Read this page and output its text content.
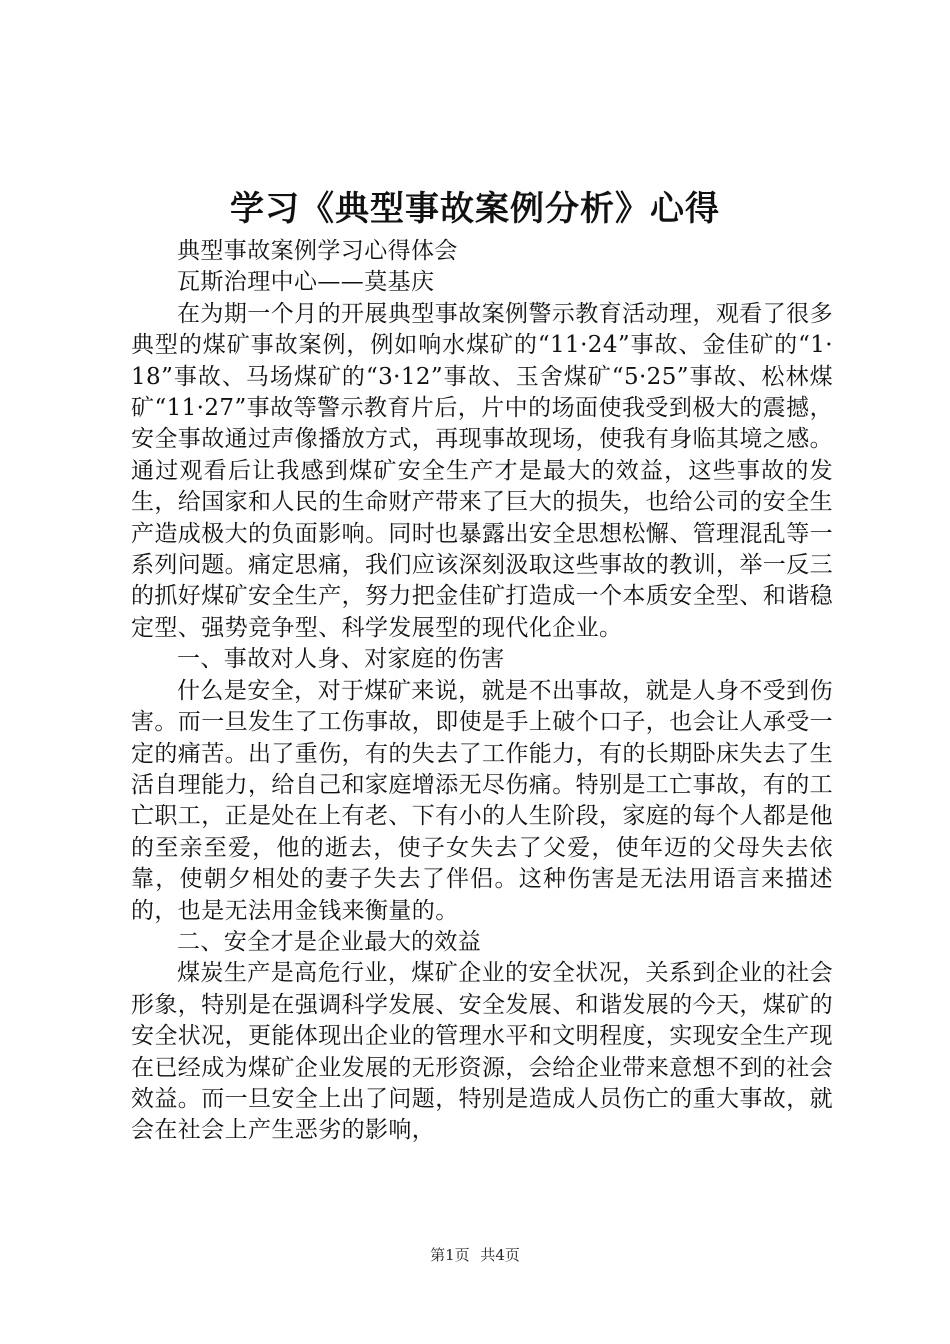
学习《典型事故案例分析》心得

典型事故案例学习心得体会

瓦斯治理中心——莫基庆

在为期一个月的开展典型事故案例警示教育活动理，观看了很多典型的煤矿事故案例，例如响水煤矿的“11·24”事故、金佳矿的“1·18”事故、马场煤矿的“3·12”事故、玉舍煤矿“5·25”事故、松林煤矿“11·27”事故等警示教育片后，片中的场面使我受到极大的震撼，安全事故通过声像播放方式，再现事故现场，使我有身临其境之感。通过观看后让我感到煤矿安全生产才是最大的效益，这些事故的发生，给国家和人民的生命财产带来了巨大的损失，也给公司的安全生产造成极大的负面影响。同时也暴露出安全思想松懈、管理混乱等一系列问题。痛定思痛，我们应该深刻汲取这些事故的教训，举一反三的抓好煤矿安全生产，努力把金佳矿打造成一个本质安全型、和谐稳定型、强势竞争型、科学发展型的现代化企业。

一、事故对人身、对家庭的伤害

什么是安全，对于煤矿来说，就是不出事故，就是人身不受到伤害。而一旦发生了工伤事故，即使是手上破个口子，也会让人承受一定的痛苦。出了重伤，有的失去了工作能力，有的长期卧床失去了生活自理能力，给自己和家庭增添无尽伤痛。特别是工亡事故，有的工亡职工，正是处在上有老、下有小的人生阶段，家庭的每个人都是他的至亲至爱，他的逝去，使子女失去了父爱，使年迈的父母失去依靠，使朝夕相处的妻子失去了伴侣。这种伤害是无法用语言来描述的，也是无法用金钱来衡量的。

二、安全才是企业最大的效益

煤炭生产是高危行业，煤矿企业的安全状况，关系到企业的社会形象，特别是在强调科学发展、安全发展、和谐发展的今天，煤矿的安全状况，更能体现出企业的管理水平和文明程度，实现安全生产现在已经成为煤矿企业发展的无形资源，会给企业带来意想不到的社会效益。而一旦安全上出了问题，特别是造成人员伤亡的重大事故，就会在社会上产生恶劣的影响，

第1页 共4页
